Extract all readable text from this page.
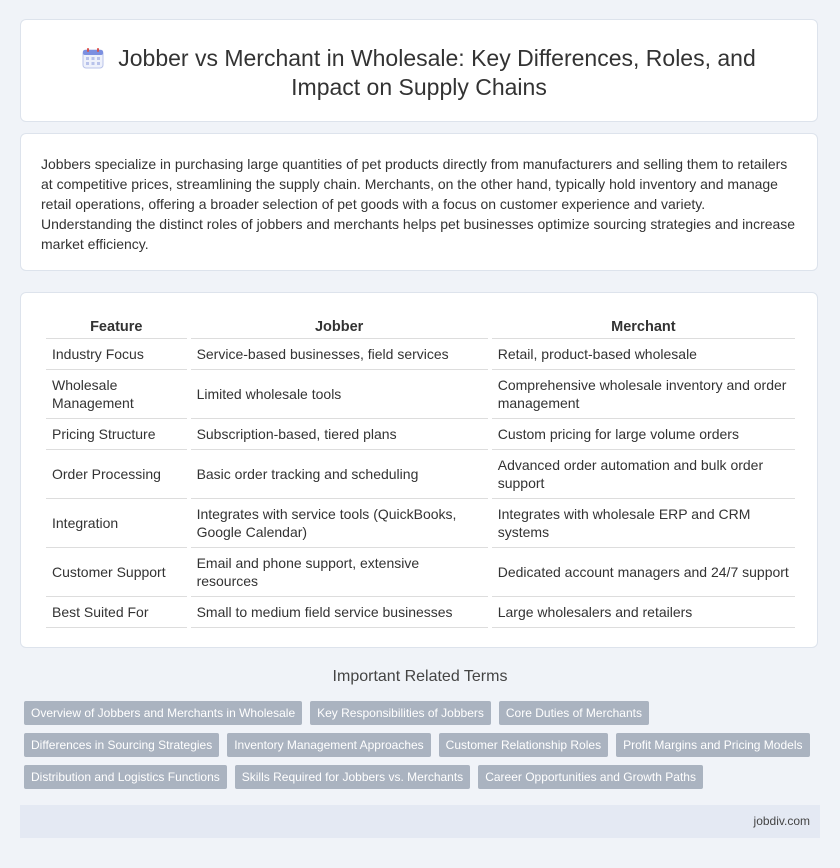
Jobber vs Merchant in Wholesale: Key Differences, Roles, and
Impact on Supply Chains

Jobbers specialize in purchasing large quantities of pet products directly from manufacturers and selling them to retailers at competitive prices, streamlining the supply chain. Merchants, on the other hand, typically hold inventory and manage retail operations, offering a broader selection of pet goods with a focus on customer experience and variety. Understanding the distinct roles of jobbers and merchants helps pet businesses optimize sourcing strategies and increase market efficiency.

Feature	Jobber	Merchant
Industry Focus	Service-based businesses, field services	Retail, product-based wholesale
Wholesale Management	Limited wholesale tools	Comprehensive wholesale inventory and order management
Pricing Structure	Subscription-based, tiered plans	Custom pricing for large volume orders
Order Processing	Basic order tracking and scheduling	Advanced order automation and bulk order support
Integration	Integrates with service tools (QuickBooks, Google Calendar)	Integrates with wholesale ERP and CRM systems
Customer Support	Email and phone support, extensive resources	Dedicated account managers and 24/7 support
Best Suited For	Small to medium field service businesses	Large wholesalers and retailers
Important Related Terms
Overview of Jobbers and Merchants in Wholesale	Key Responsibilities of Jobbers	Core Duties of Merchants
Differences in Sourcing Strategies	Inventory Management Approaches	Customer Relationship Roles	Profit Margins and Pricing Models
Distribution and Logistics Functions	Skills Required for Jobbers vs. Merchants	Career Opportunities and Growth Paths
jobdiv.com
